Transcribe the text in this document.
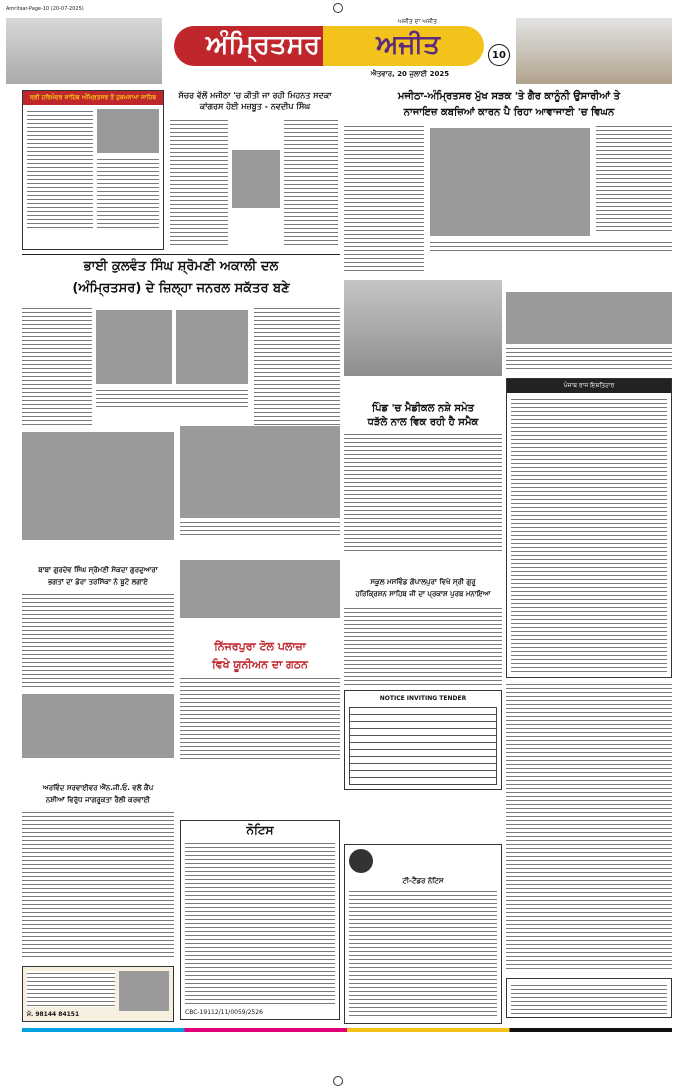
Amritsar-Page-10 (20-07-2025)
ਅੰਮ੍ਰਿਤਸਰ	ਅਜੀਤ
ਅਜੀਤ ਦਾ ਅਜੀਤ
ਐਤਵਾਰ, 20 ਜੁਲਾਈ 2025
10
ਸ੍ਰੀ ਹਰਿਮੰਦਰ ਸਾਹਿਬ ਅੰਮ੍ਰਿਤਸਰ ਤੋਂ ਹੁਕਮਨਾਮਾ ਸਾਹਿਬ	ਸੱਚਰ ਵੱਲੋਂ ਮਜੀਠਾ 'ਚ ਕੀਤੀ ਜਾ ਰਹੀ ਮਿਹਨਤ ਸਦਕਾ ਕਾਂਗਰਸ ਹੋਈ ਮਜ਼ਬੂਤ - ਨਵਦੀਪ ਸਿੰਘ
ਮਜੀਠਾ-ਅੰਮ੍ਰਿਤਸਰ ਮੁੱਖ ਸੜਕ 'ਤੇ ਗੈਰ ਕਾਨੂੰਨੀ ਉਸਾਰੀਆਂ ਤੇ
ਨਾਜਾਇਜ਼ ਕਬਜ਼ਿਆਂ ਕਾਰਨ ਪੈ ਰਿਹਾ ਆਵਾਜਾਈ 'ਚ ਵਿਘਨ
ਭਾਈ ਕੁਲਵੰਤ ਸਿੰਘ ਸ਼੍ਰੋਮਣੀ ਅਕਾਲੀ ਦਲ
(ਅੰਮ੍ਰਿਤਸਰ) ਦੇ ਜ਼ਿਲ੍ਹਾ ਜਨਰਲ ਸਕੱਤਰ ਬਣੇ
ਪਿੰਡ 'ਚ ਮੈਡੀਕਲ ਨਸ਼ੇ ਸਮੇਤ
ਧੜੱਲੇ ਨਾਲ ਵਿਕ ਰਹੀ ਹੈ ਸਮੈਕ
ਪੰਜਾਬ ਰਾਜ ਇਸ਼ਤਿਹਾਰ
ਬਾਬਾ ਗੁਰਦੇਵ ਸਿੰਘ ਸ੍ਰੋਮਣੀ ਸੋਕਦਾ ਗੁਰਦੁਆਰਾ
ਭਗਤਾਂ ਦਾ ਡੇਰਾ ਤਰਸਿੱਕਾ ਨੇ ਬੂਟੇ ਲਗਾਏ
ਨਿੱਜਰਪੁਰਾ ਟੋਲ ਪਲਾਜ਼ਾ
ਵਿਖੇ ਯੂਨੀਅਨ ਦਾ ਗਠਨ
ਸਕੂਲ ਮਸਵਿੰਡ ਗੋਪਾਲਪੁਰਾ ਵਿਖੇ ਸ੍ਰੀ ਗੁਰੂ
ਹਰਿਕ੍ਰਿਸ਼ਨ ਸਾਹਿਬ ਜੀ ਦਾ ਪ੍ਰਕਾਸ਼ ਪੁਰਬ ਮਨਾਇਆ
NOTICE INVITING TENDER
ਟੀ-ਟੈਂਡਰ ਨੋਟਿਸ
ਅਰਵਿੰਦ ਸਰਵਾਈਵਰ ਐੱਨ.ਜੀ.ਓ. ਵਲੋਂ ਕੈਂਪ
ਨਸ਼ੀਆਂ ਵਿਰੁੱਧ ਜਾਗਰੂਕਤਾ ਰੈਲੀ ਕਰਵਾਈ
ਨੋਟਿਸ
CBC-19112/11/0059/2526
ਮੋ. 98144 84151
